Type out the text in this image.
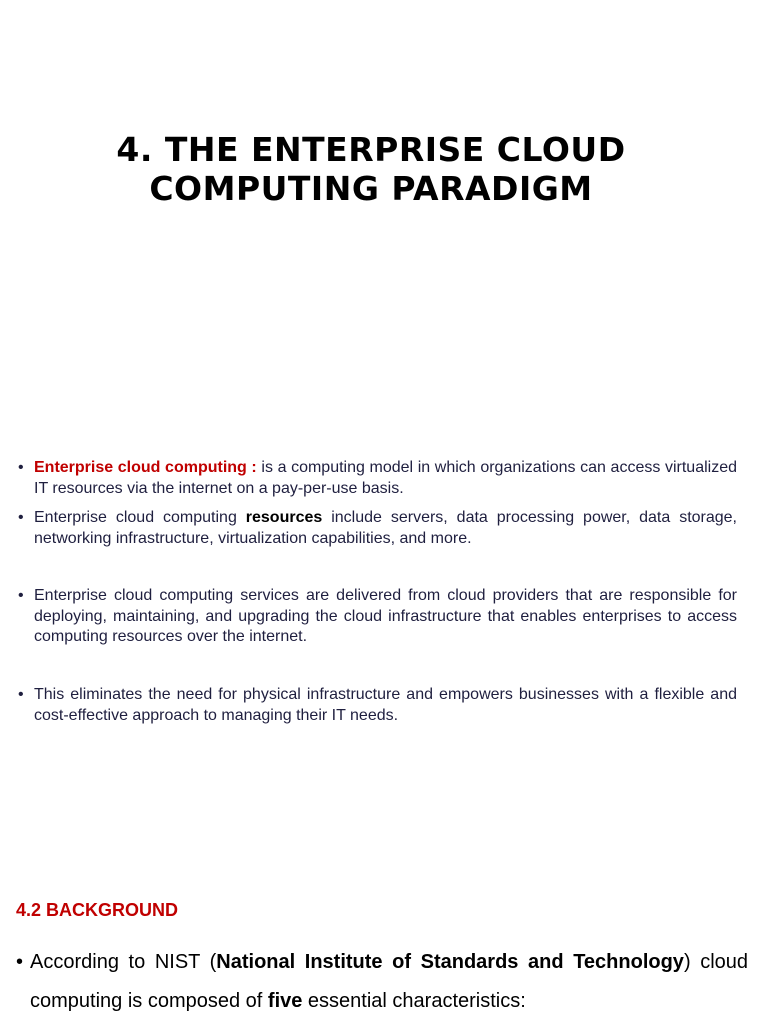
4. THE ENTERPRISE CLOUD
COMPUTING PARADIGM
• Enterprise cloud computing : is a computing model in which organizations can access virtualized IT resources via the internet on a pay-per-use basis.
• Enterprise cloud computing resources include servers, data processing power, data storage, networking infrastructure, virtualization capabilities, and more.
• Enterprise cloud computing services are delivered from cloud providers that are responsible for deploying, maintaining, and upgrading the cloud infrastructure that enables enterprises to access computing resources over the internet.
• This eliminates the need for physical infrastructure and empowers businesses with a flexible and cost-effective approach to managing their IT needs.
4.2 BACKGROUND
• According to NIST (National Institute of Standards and Technology) cloud computing is composed of five essential characteristics:
